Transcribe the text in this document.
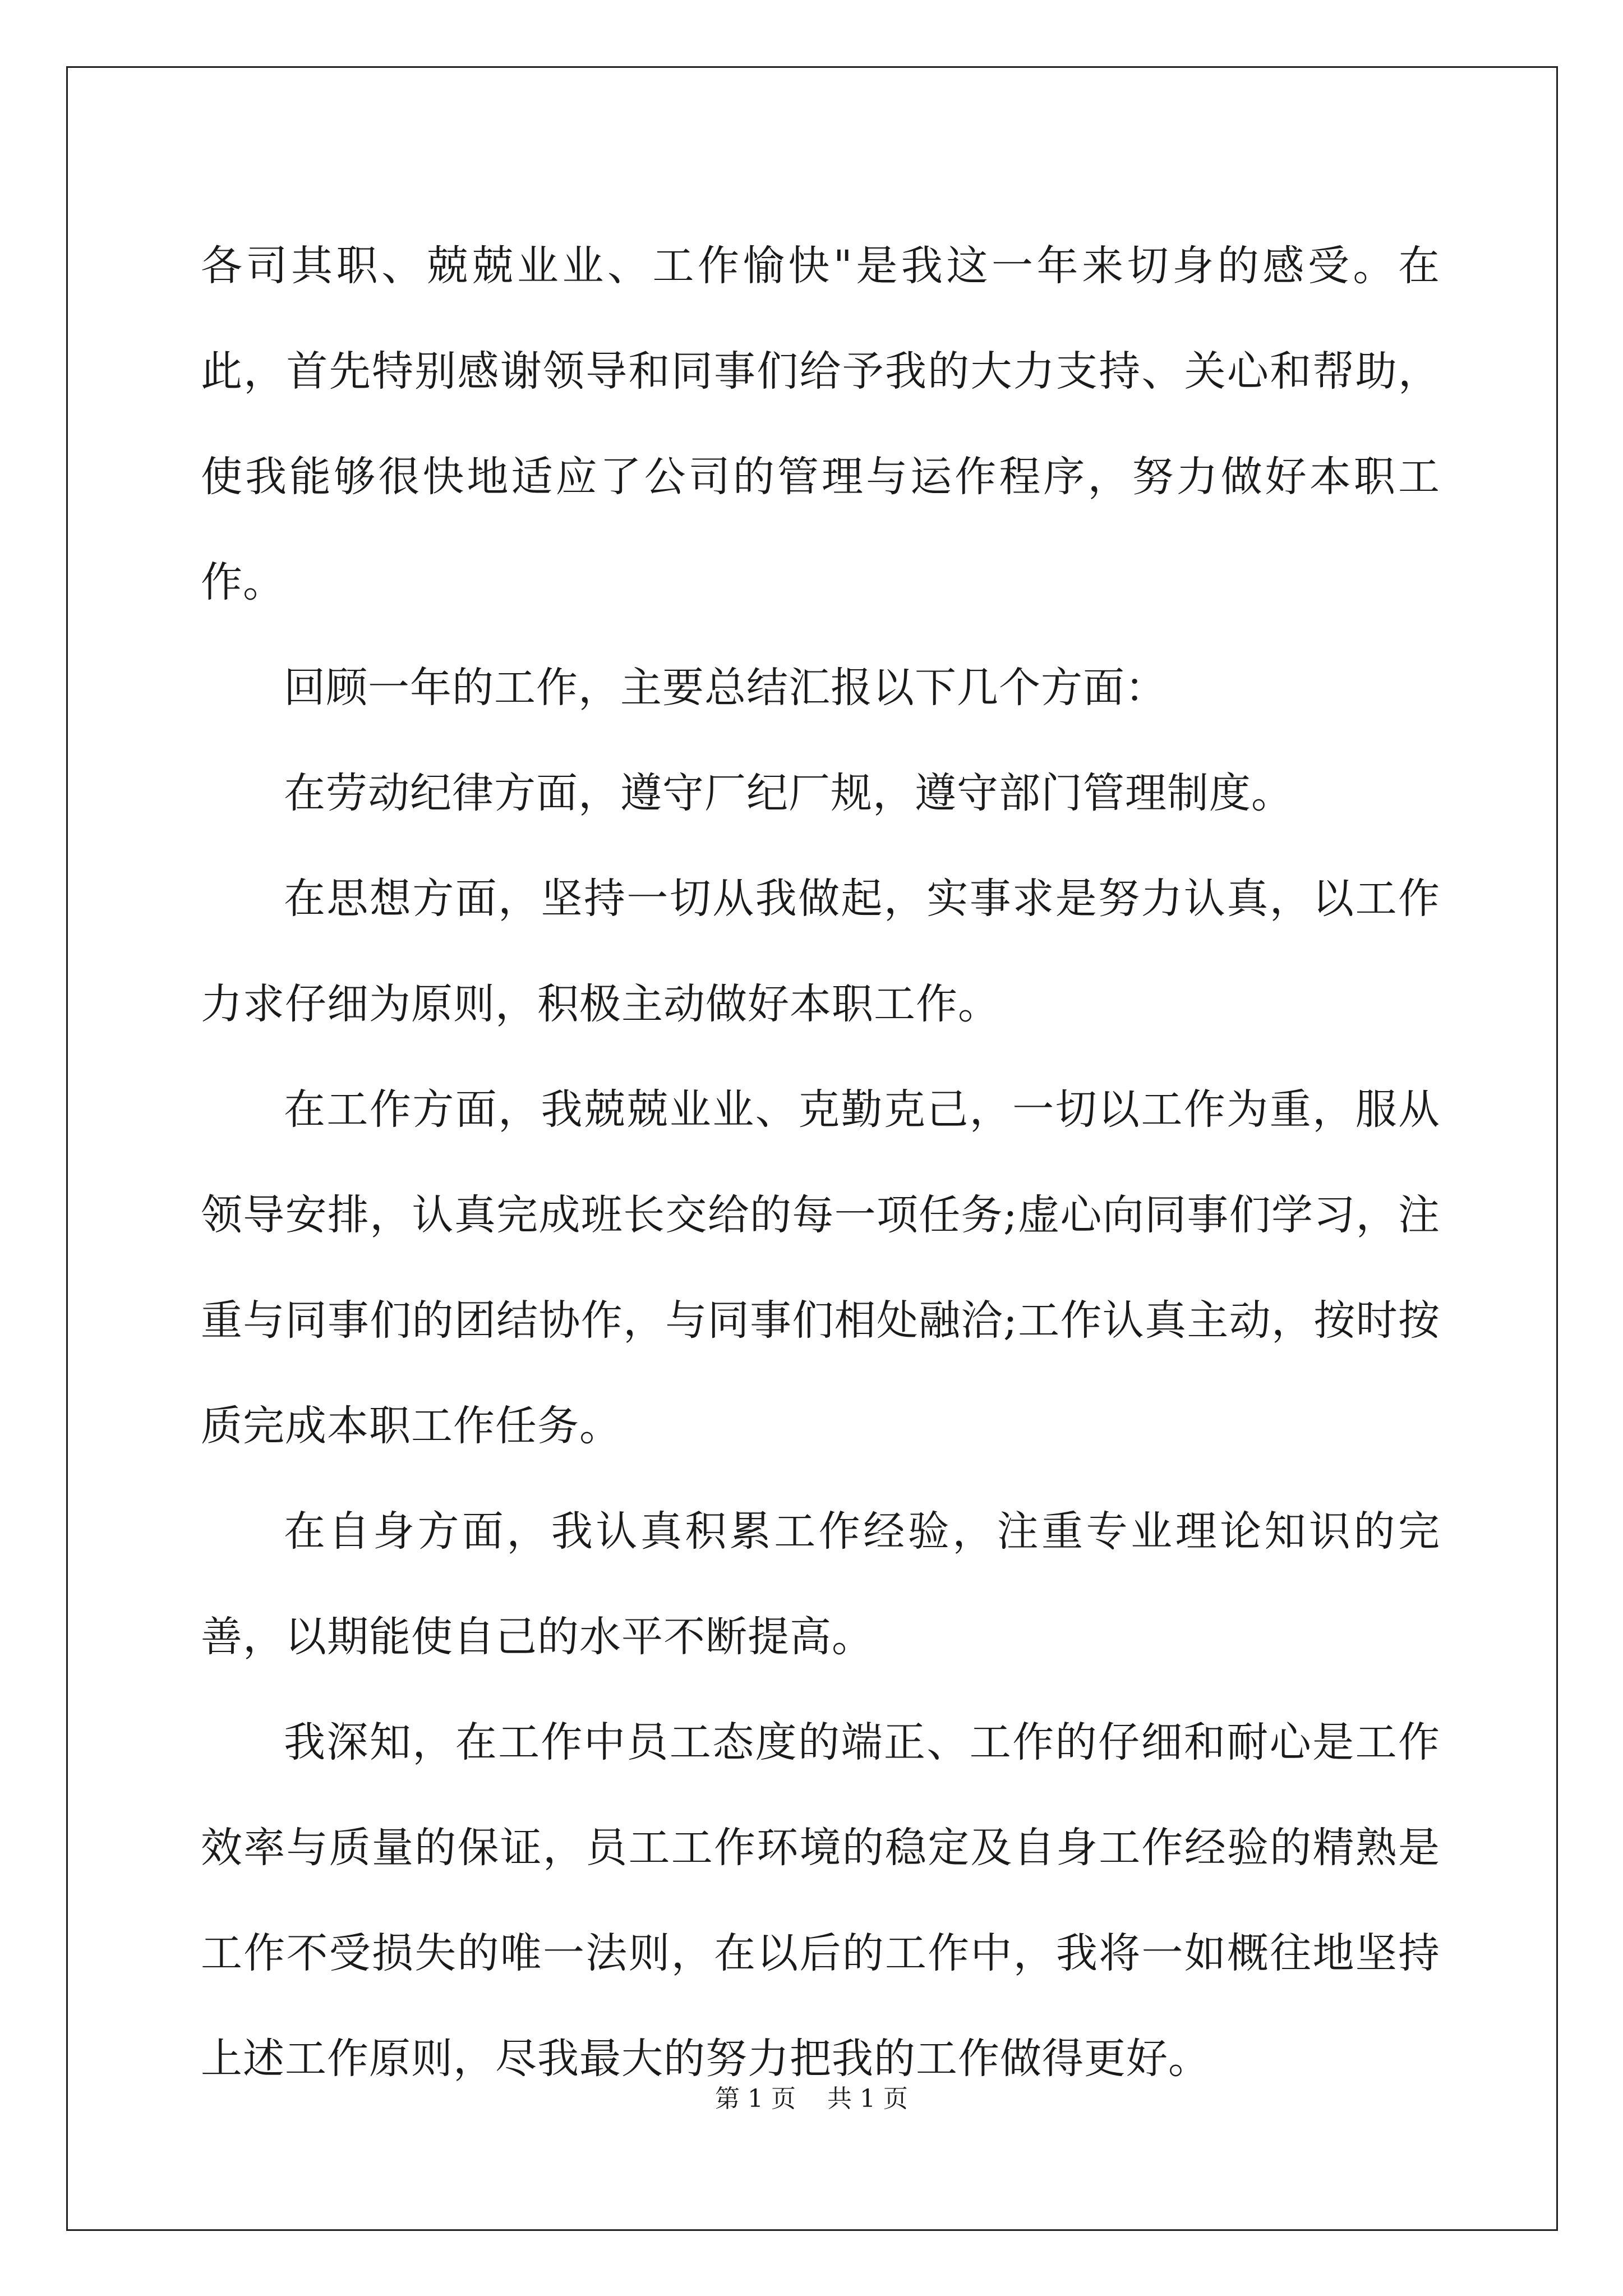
各司其职、兢兢业业、工作愉快"是我这一年来切身的感受。在此，首先特别感谢领导和同事们给予我的大力支持、关心和帮助，使我能够很快地适应了公司的管理与运作程序，努力做好本职工作。

回顾一年的工作，主要总结汇报以下几个方面：

在劳动纪律方面，遵守厂纪厂规，遵守部门管理制度。

在思想方面，坚持一切从我做起，实事求是努力认真，以工作力求仔细为原则，积极主动做好本职工作。

在工作方面，我兢兢业业、克勤克己，一切以工作为重，服从领导安排，认真完成班长交给的每一项任务;虚心向同事们学习，注重与同事们的团结协作，与同事们相处融洽;工作认真主动，按时按质完成本职工作任务。

在自身方面，我认真积累工作经验，注重专业理论知识的完善，以期能使自己的水平不断提高。

我深知，在工作中员工态度的端正、工作的仔细和耐心是工作效率与质量的保证，员工工作环境的稳定及自身工作经验的精熟是工作不受损失的唯一法则，在以后的工作中，我将一如概往地坚持上述工作原则，尽我最大的努力把我的工作做得更好。

第 1 页    共 1 页
